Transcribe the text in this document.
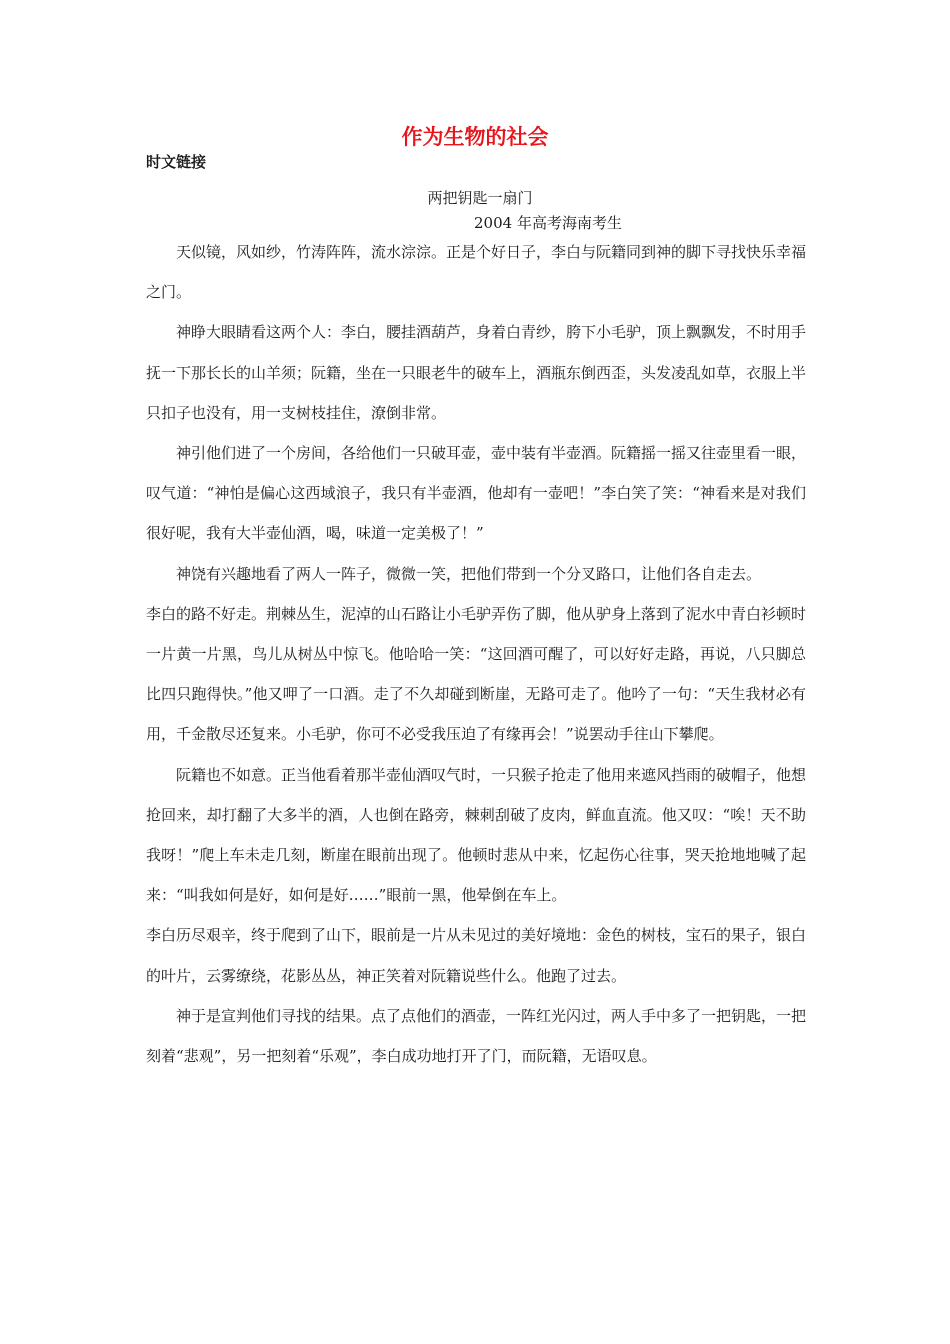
作为生物的社会
时文链接
两把钥匙一扇门
2004 年高考海南考生

天似镜，风如纱，竹涛阵阵，流水淙淙。正是个好日子，李白与阮籍同到神的脚下寻找快乐幸福之门。

神睁大眼睛看这两个人：李白，腰挂酒葫芦，身着白青纱，胯下小毛驴，顶上飘飘发，不时用手抚一下那长长的山羊须；阮籍，坐在一只眼老牛的破车上，酒瓶东倒西歪，头发凌乱如草，衣服上半只扣子也没有，用一支树枝挂住，潦倒非常。

神引他们进了一个房间，各给他们一只破耳壶，壶中装有半壶酒。阮籍摇一摇又往壶里看一眼，叹气道：“神怕是偏心这西域浪子，我只有半壶酒，他却有一壶吧！”李白笑了笑：“神看来是对我们很好呢，我有大半壶仙酒，喝，味道一定美极了！”

神饶有兴趣地看了两人一阵子，微微一笑，把他们带到一个分叉路口，让他们各自走去。

李白的路不好走。荆棘丛生，泥淖的山石路让小毛驴弄伤了脚，他从驴身上落到了泥水中青白衫顿时一片黄一片黑，鸟儿从树丛中惊飞。他哈哈一笑：“这回酒可醒了，可以好好走路，再说，八只脚总比四只跑得快。”他又呷了一口酒。走了不久却碰到断崖，无路可走了。他吟了一句：“天生我材必有用，千金散尽还复来。小毛驴，你可不必受我压迫了有缘再会！”说罢动手往山下攀爬。

阮籍也不如意。正当他看着那半壶仙酒叹气时，一只猴子抢走了他用来遮风挡雨的破帽子，他想抢回来，却打翻了大多半的酒，人也倒在路旁，棘刺刮破了皮肉，鲜血直流。他又叹：“唉！天不助我呀！”爬上车未走几刻，断崖在眼前出现了。他顿时悲从中来，忆起伤心往事，哭天抢地地喊了起来：“叫我如何是好，如何是好……”眼前一黑，他晕倒在车上。

李白历尽艰辛，终于爬到了山下，眼前是一片从未见过的美好境地：金色的树枝，宝石的果子，银白的叶片，云雾缭绕，花影丛丛，神正笑着对阮籍说些什么。他跑了过去。

神于是宣判他们寻找的结果。点了点他们的酒壶，一阵红光闪过，两人手中多了一把钥匙，一把刻着“悲观”，另一把刻着“乐观”，李白成功地打开了门，而阮籍，无语叹息。
